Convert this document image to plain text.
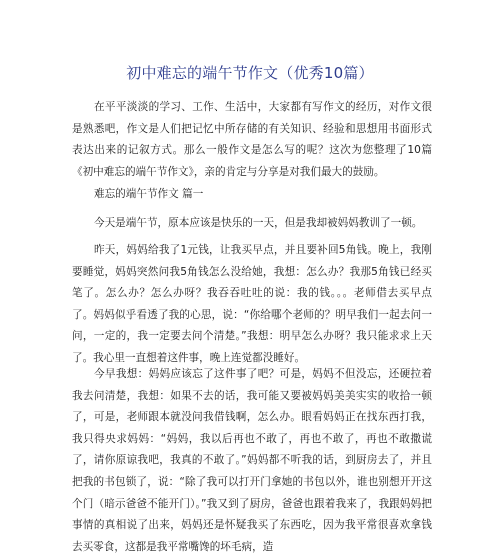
初中难忘的端午节作文（优秀10篇）

在平平淡淡的学习、工作、生活中，大家都有写作文的经历，对作文很是熟悉吧，作文是人们把记忆中所存储的有关知识、经验和思想用书面形式表达出来的记叙方式。那么一般作文是怎么写的呢？这次为您整理了10篇《初中难忘的端午节作文》，亲的肯定与分享是对我们最大的鼓励。

难忘的端午节作文 篇一

今天是端午节，原本应该是快乐的一天，但是我却被妈妈教训了一顿。

昨天，妈妈给我了1元钱，让我买早点，并且要补回5角钱。晚上，我刚要睡觉，妈妈突然问我5角钱怎么没给她，我想：怎么办？我那5角钱已经买笔了。怎么办？怎么办呀？我吞吞吐吐的说：我的钱。。。老师借去买早点了。妈妈似乎看透了我的心思，说：“你给哪个老师的？明早我们一起去问一问，一定的，我一定要去问个清楚。”我想：明早怎么办呀？我只能求求上天了。我心里一直想着这件事，晚上连觉都没睡好。

今早我想：妈妈应该忘了这件事了吧？可是，妈妈不但没忘，还硬拉着我去问清楚，我想：如果不去的话，我可能又要被妈妈美美实实的收拾一顿了，可是，老师跟本就没问我借钱啊，怎么办。眼看妈妈正在找东西打我，我只得央求妈妈：“妈妈，我以后再也不敢了，再也不敢了，再也不敢撒谎了，请你原谅我吧，我真的不敢了。”妈妈都不听我的话，到厨房去了，并且把我的书包锁了，说：“除了我可以打开门拿她的书包以外，谁也别想开开这个门（暗示爸爸不能开门）。”我又到了厨房，爸爸也跟着我来了，我跟妈妈把事情的真相说了出来，妈妈还是怀疑我买了东西吃，因为我平常很喜欢拿钱去买零食，这都是我平常嘴馋的坏毛病，造
